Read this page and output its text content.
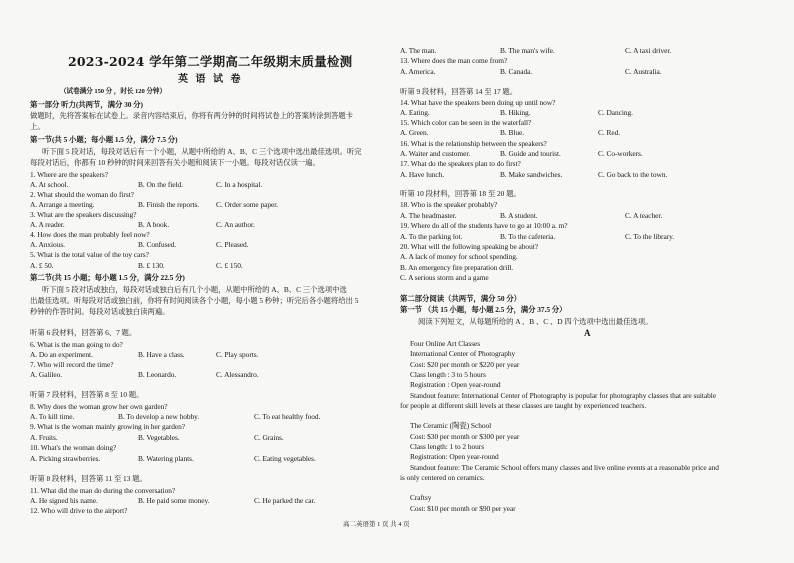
2023-2024 学年第二学期高二年级期末质量检测
英 语 试 卷
（试卷满分 150 分 ，时长 120 分钟）
第一部分 听力(共两节，满分 30 分)
做题时，先将答案标在试卷上。录音内容结束后，你将有两分钟的时间将试卷上的答案转涂到答题卡
上。
第一节(共 5 小题；每小题 1.5 分，满分 7.5 分)
听下面 5 段对话，每段对话后有一个小题，从题中所给的 A、B、C 三个选项中选出最佳选项。听完
每段对话后，你都有 10 秒钟的时间来回答有关小题和阅读下一小题。每段对话仅读一遍。
1. Where are the speakers?
A. At school.	B. On the field.	C. In a hospital.
2. What should the woman do first?
A. Arrange a meeting.	B. Finish the reports. C. Order some paper.
3. What are the speakers discussing?
A. A reader.	B. A book.	C. An author.
4. How does the man probably feel now?
A. Anxious.	B. Confused.	C. Pleased.
5. What is the total value of the toy cars?
A. £ 50.	B. £ 130.	C. £ 150.
第二节(共 15 小题；每小题 1.5 分，满分 22.5 分)
听下面 5 段对话或独白，每段对话或独白后有几个小题，从题中所给的 A、B、C 三个选项中选
出最佳选项。听每段对话或独白前，你将有时间阅读各个小题，每小题 5 秒钟；听完后各小题将给出 5
秒钟的作答时间。每段对话或独白读两遍。
听第 6 段材料，回答第 6、7 题。
6. What is the man going to do?
A. Do an experiment.	B. Have a class.	C. Play sports.
7. Who will record the time?
A. Galileo.	B. Leonardo.	C. Alessandro.
听第 7 段材料，回答第 8 至 10 题。
8. Why does the woman grow her own garden?
A. To kill time.	B. To develop a new hobby.	C. To eat healthy food.
9. What is the woman mainly growing in her garden?
A. Fruits.	B. Vegetables.	C. Grains.
10. What's the woman doing?
A. Picking strawberries.	B. Watering plants.	C. Eating vegetables.
听第 8 段材料，回答第 11 至 13 题。
11. What did the man do during the conversation?
A. He signed his name.	B. He paid some money.	C. He parked the car.
12. Who will drive to the airport?
A. The man.	B. The man's wife.	C. A taxi driver.
13. Where does the man come from?
A. America.	B. Canada.	C. Australia.
听第 9 段材料，回答第 14 至 17 题。
14. What have the speakers been doing up until now?
A. Eating.	B. Hiking.	C. Dancing.
15. Which color can be seen in the waterfall?
A. Green.	B. Blue.	C. Red.
16. What is the relationship between the speakers?
A. Waiter and customer.	B. Guide and tourist.	C. Co-workers.
17. What do the speakers plan to do first?
A. Have lunch.	B. Make sandwiches.	C. Go back to the town.
听第 10 段材料，回答第 18 至 20 题。
18. Who is the speaker probably?
A. The headmaster.	B. A student.	C. A teacher.
19. Where do all of the students have to go at 10:00 a. m?
A. To the parking lot.	B. To the cafeteria.	C. To the library.
20. What will the following speaking be about?
A. A lack of money for school spending.
B. An emergency fire preparation drill.
C. A serious storm and a game
第二部分阅读（共两节，满分 50 分）
第一节 （共 15 小题，每小题 2.5 分，满分 37.5 分）
阅读下列短文，从每题所给的 A 、B 、C 、D 四个选项中选出最佳选项。
A
Four Online Art Classes
International Center of Photography
Cost: $20 per month or $220 per year
Class length : 3 to 5 hours
Registration : Open year-round
Standout feature: International Center of Photography is popular for photography classes that are suitable
for people at different skill levels at these classes are taught by experienced teachers.
The Ceramic (陶瓷) School
Cost: $30 per month or $300 per year
Class length: 1 to 2 hours
Registration: Open year-round
Standout feature: The Ceramic School offers many classes and live online events at a reasonable price and
is only centered on ceramics.
Craftsy
Cost: $10 per month or $90 per year
高二英语第 1 页 共 4 页
